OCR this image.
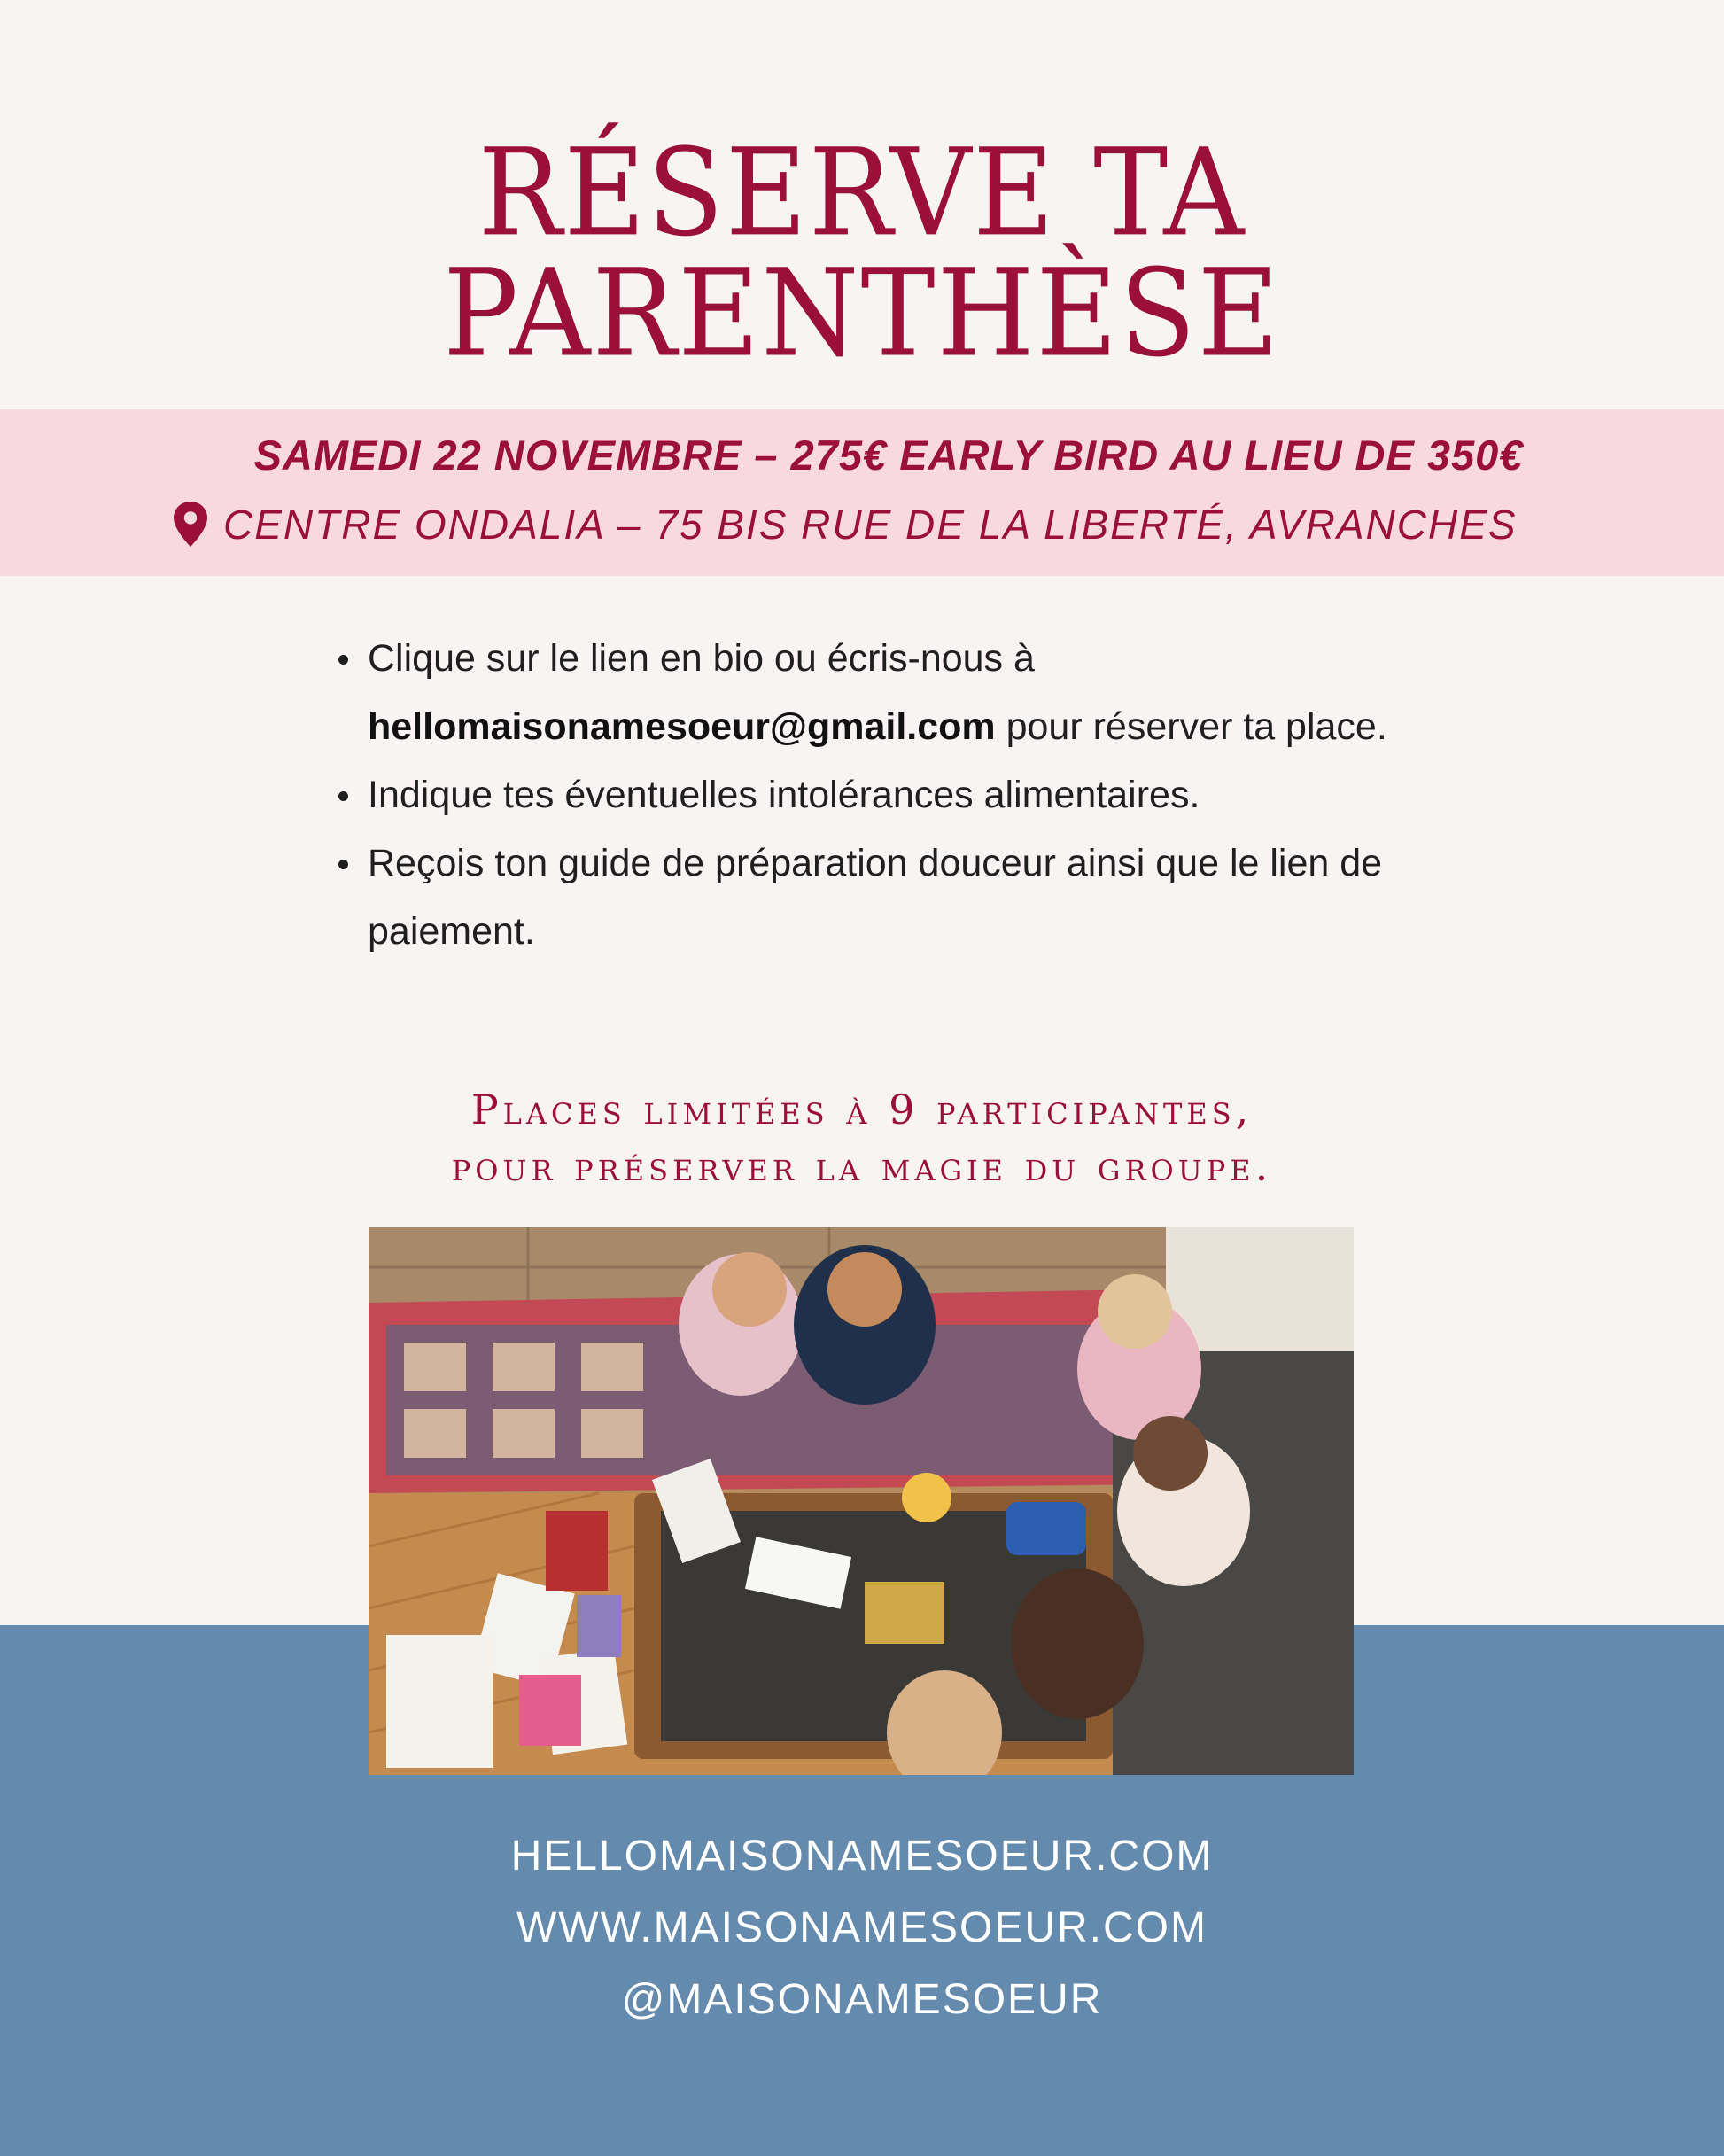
RÉSERVE TA
PARENTHÈSE
SAMEDI 22 NOVEMBRE – 275€ EARLY BIRD AU LIEU DE 350€
CENTRE ONDALIA – 75 BIS RUE DE LA LIBERTÉ, AVRANCHES
Clique sur le lien en bio ou écris-nous à hellomaisonamesoeur@gmail.com pour réserver ta place.
Indique tes éventuelles intolérances alimentaires.
Reçois ton guide de préparation douceur ainsi que le lien de paiement.
Places limitées à 9 participantes,
pour préserver la magie du groupe.
HELLOMAISONAMESOEUR.COM
WWW.MAISONAMESOEUR.COM
@MAISONAMESOEUR
